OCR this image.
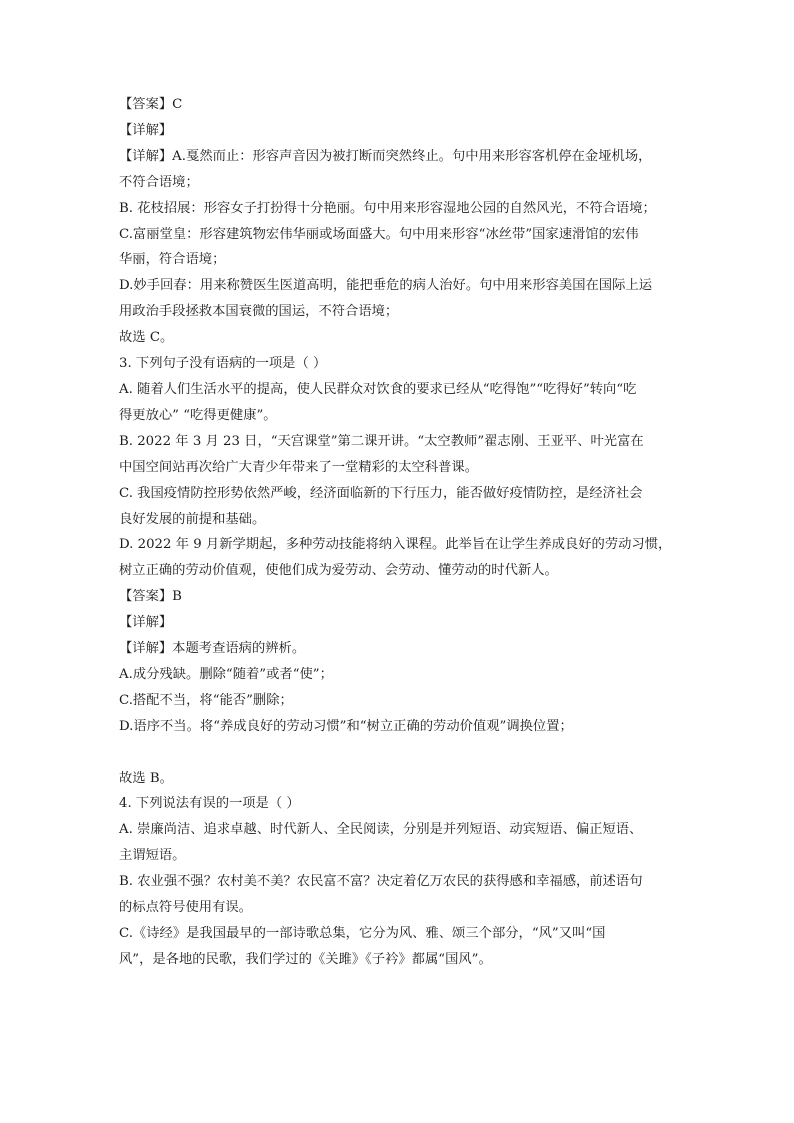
【答案】C
【详解】
【详解】A.戛然而止：形容声音因为被打断而突然终止。句中用来形容客机停在金垭机场，
不符合语境；
B. 花枝招展：形容女子打扮得十分艳丽。句中用来形容湿地公园的自然风光，不符合语境；
C.富丽堂皇：形容建筑物宏伟华丽或场面盛大。句中用来形容“冰丝带”国家速滑馆的宏伟
华丽，符合语境；
D.妙手回春：用来称赞医生医道高明，能把垂危的病人治好。句中用来形容美国在国际上运
用政治手段拯救本国衰微的国运，不符合语境；
故选 C。
3. 下列句子没有语病的一项是（ ）
A. 随着人们生活水平的提高，使人民群众对饮食的要求已经从“吃得饱”“吃得好”转向“吃
得更放心” “吃得更健康”。
B. 2022 年 3 月 23 日，“天宫课堂”第二课开讲。“太空教师”翟志刚、王亚平、叶光富在
中国空间站再次给广大青少年带来了一堂精彩的太空科普课。
C. 我国疫情防控形势依然严峻，经济面临新的下行压力，能否做好疫情防控，是经济社会
良好发展的前提和基础。
D. 2022 年 9 月新学期起，多种劳动技能将纳入课程。此举旨在让学生养成良好的劳动习惯，
树立正确的劳动价值观，使他们成为爱劳动、会劳动、懂劳动的时代新人。
【答案】B
【详解】
【详解】本题考查语病的辨析。
A.成分残缺。删除“随着”或者“使”；
C.搭配不当，将“能否”删除；
D.语序不当。将“养成良好的劳动习惯”和“树立正确的劳动价值观”调换位置；
故选 B。
4. 下列说法有误的一项是（ ）
A. 崇廉尚洁、追求卓越、时代新人、全民阅读，分别是并列短语、动宾短语、偏正短语、
主谓短语。
B. 农业强不强？农村美不美？农民富不富？决定着亿万农民的获得感和幸福感，前述语句
的标点符号使用有误。
C.《诗经》是我国最早的一部诗歌总集，它分为风、雅、颂三个部分，“风”又叫“国
风”，是各地的民歌，我们学过的《关雎》《子衿》都属“国风”。
